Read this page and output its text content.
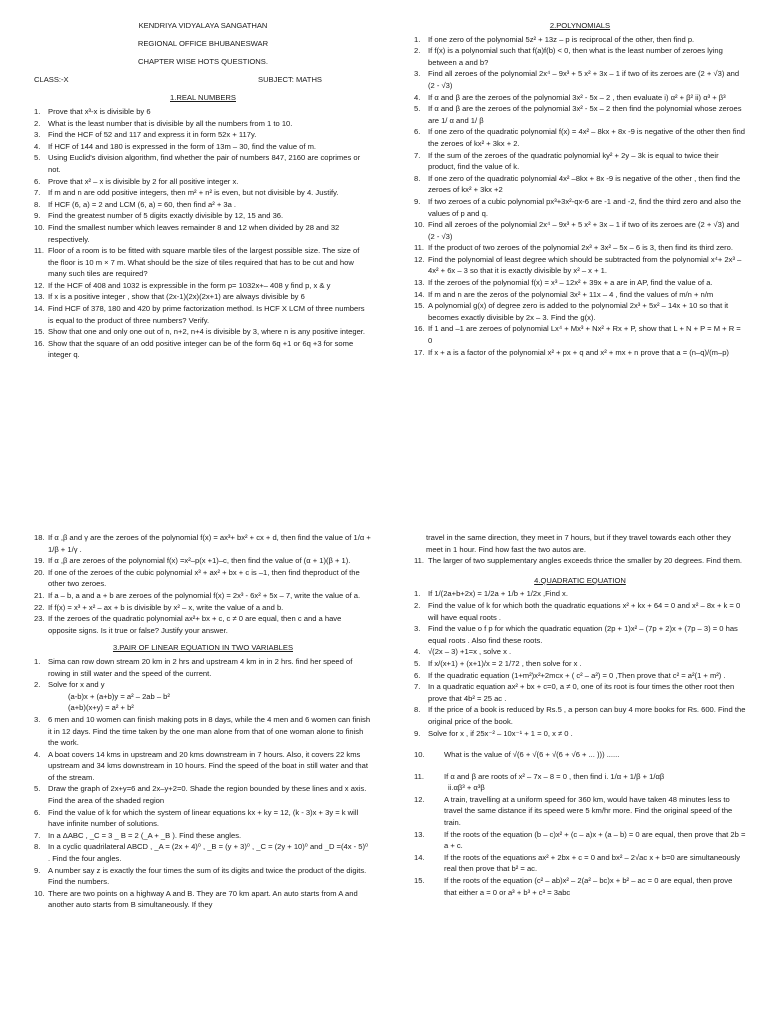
KENDRIYA VIDYALAYA SANGATHAN
REGIONAL OFFICE BHUBANESWAR
CHAPTER WISE HOTS QUESTIONS.
CLASS:-X	SUBJECT: MATHS
1.REAL NUMBERS
1.	Prove that x³-x is divisible by 6
2.	What is the least number that is divisible by all the numbers from 1 to 10.
3.	Find the HCF of 52 and 117 and express it in form 52x + 117y.
4.	If HCF of 144 and 180 is expressed in the form of 13m – 30, find the value of m.
5.	Using Euclid's division algorithm, find whether the pair of numbers 847, 2160 are coprimes or not.
6.	Prove that x² – x is divisible by 2 for all positive integer x.
7.	If m and n are odd positive integers, then m² + n² is even, but not divisible by 4. Justify.
8.	If HCF (6, a) = 2 and LCM (6, a) = 60, then find a² + 3a .
9.	Find the greatest number of 5 digits exactly divisible by 12, 15 and 36.
10. Find the smallest number which leaves remainder 8 and 12 when divided by 28 and 32 respectively.
11. Floor of a room is to be fitted with square marble tiles of the largest possible size. The size of the floor is 10 m × 7 m. What should be the size of tiles required that has to be cut and how many such tiles are required?
12. If the HCF of 408 and 1032 is expressible in the form p= 1032x+– 408 y find p, x & y
13. If x is a positive integer , show that (2x-1)(2x)(2x+1) are always divisible by 6
14. Find HCF of 378, 180 and 420 by prime factorization method. Is HCF X LCM of three numbers is equal to the product of three numbers? Verify.
15. Show that one and only one out of n, n+2, n+4 is divisible by 3, where n is any positive integer.
16. Show that the square of an odd positive integer can be of the form 6q +1 or 6q +3 for some integer q.
2.POLYNOMIALS
1.	If one zero of the polynomial 5z² + 13z – p is reciprocal of the other, then find p.
2.	If f(x) is a polynomial such that f(a)f(b) < 0, then what is the least number of zeroes lying between a and b?
3.	Find all zeroes of the polynomial 2x⁴ – 9x³ + 5 x² + 3x – 1 if two of its zeroes are (2 + √3) and (2 - √3)
4.	If α and β are the zeroes of the polynomial 3x² - 5x – 2 , then evaluate i) α² + β² ii) α³ + β³
5.	If α and β are the zeroes of the polynomial 3x² - 5x – 2 then find the polynomial whose zeroes are 1/ α and 1/ β
6.	If one zero of the quadratic polynomial f(x) = 4x² – 8kx + 8x -9 is negative of the other then find the zeroes of kx² + 3kx + 2.
7.	If the sum of the zeroes of the quadratic polynomial ky² + 2y – 3k is equal to twice their product, find the value of k.
8.	If one zero of the quadratic polynomial 4x² –8kx + 8x -9 is negative of the other , then find the zeroes of kx² + 3kx +2
9.	If two zeroes of a cubic polynomial px³+3x²-qx-6 are -1 and -2, find the third zero and also the values of p and q.
10. Find all zeroes of the polynomial 2x⁴ – 9x³ + 5 x² + 3x – 1 if two of its zeroes are (2 + √3) and (2 - √3)
11. If the product of two zeroes of the polynomial 2x³ + 3x² – 5x – 6 is 3, then find its third zero.
12. Find the polynomial of least degree which should be subtracted from the polynomial x⁴+ 2x³ – 4x² + 6x – 3 so that it is exactly divisible by x² – x + 1.
13. If the zeroes of the polynomial f(x) = x³ – 12x² + 39x + a are in AP, find the value of a.
14. If m and n are the zeros of the polynomial 3x² + 11x – 4 , find the values of m/n + n/m
15. A polynomial g(x) of degree zero is added to the polynomial 2x³ + 5x² – 14x + 10 so that it becomes exactly divisible by 2x – 3. Find the g(x).
16. If 1 and –1 are zeroes of polynomial Lx⁴ + Mx³ + Nx² + Rx + P, show that L + N + P = M + R = 0
17. If x + a is a factor of the polynomial x² + px + q and x² + mx + n prove that a = (n–q)/(m–p)
18. If α ,β and γ are the zeroes of the polynomial f(x) = ax³+ bx² + cx + d, then find the value of 1/α + 1/β + 1/γ .
19. If α ,β are zeroes of the polynomial f(x) =x²–p(x +1)–c, then find the value of (α + 1)(β + 1).
20. If one of the zeroes of the cubic polynomial x³ + ax² + bx + c is –1, then find theproduct of the other two zeroes.
21. If a – b, a and a + b are zeroes of the polynomial f(x) = 2x³ - 6x² + 5x – 7, write the value of a.
22. If f(x) = x³ + x² – ax + b is divisible by x² – x, write the value of a and b.
23. If the zeroes of the quadratic polynomial ax²+ bx + c, c ≠ 0 are equal, then c and a have opposite signs. Is it true or false? Justify your answer.
3.PAIR OF LINEAR EQUATION IN TWO VARIABLES
1.	Sima can row down stream 20 km in 2 hrs and upstream 4 km in in 2 hrs. find her speed of rowing in still water and the speed of the current.
2.	Solve for x and y
(a-b)x + (a+b)y = a² – 2ab – b²
(a+b)(x+y) = a² + b²
3.	6 men and 10 women can finish making pots in 8 days, while the 4 men and 6 women can finish it in 12 days. Find the time taken by the one man alone from that of one woman alone to finish the work.
4.	A boat covers 14 kms in upstream and 20 kms downstream in 7 hours. Also, it covers 22 kms upstream and 34 kms downstream in 10 hours. Find the speed of the boat in still water and that of the stream.
5.	Draw the graph of 2x+y=6 and 2x–y+2=0. Shade the region bounded by these lines and x axis. Find the area of the shaded region
6.	Find the value of k for which the system of linear equations kx + ky = 12, (k - 3)x + 3y = k will have infinite number of solutions.
7.	In a ΔABC , _C = 3 _ B = 2 (_A + _B ). Find these angles.
8.	In a cyclic quadrilateral ABCD , _A = (2x + 4)⁰ , _B = (y + 3)⁰ , _C = (2y + 10)⁰ and _D =(4x - 5)⁰ . Find the four angles.
9.	A number say z is exactly the four times the sum of its digits and twice the product of the digits. Find the numbers.
10. There are two points on a highway A and B. They are 70 km apart. An auto starts from A and another auto starts from B simultaneously. If they
travel in the same direction, they meet in 7 hours, but if they travel towards each other they meet in 1 hour. Find how fast the two autos are.
11. The larger of two supplementary angles exceeds thrice the smaller by 20 degrees. Find them.
4.QUADRATIC EQUATION
1.	If 1/(2a+b+2x) = 1/2a + 1/b + 1/2x ,Find x.
2.	Find the value of k for which both the quadratic equations x² + kx + 64 = 0 and x² – 8x + k = 0 will have equal roots .
3.	Find the value o f p for which the quadratic equation (2p + 1)x² – (7p + 2)x + (7p – 3) = 0 has equal roots . Also find these roots.
4.	√(2x – 3) +1=x , solve x .
5.	If x/(x+1) + (x+1)/x = 2 1/72 , then solve for x .
6.	If the quadratic equation (1+m²)x²+2mcx + ( c² – a²) = 0 ,Then prove that c² = a²(1 + m²) .
7.	In a quadratic equation ax² + bx + c=0, a ≠ 0, one of its root is four times the other root then prove that 4b² = 25 ac .
8.	If the price of a book is reduced by Rs.5 , a person can buy 4 more books for Rs. 600. Find the original price of the book.
9.	Solve for x , if 25x⁻² – 10x⁻¹ + 1 = 0, x ≠ 0 .
10.	What is the value of √(6 + √(6 + √(6 + √6 + ... ))) ......
11.	If α and β are roots of x² – 7x – 8 = 0 , then find i. 1/α + 1/β + 1/αβ
ii.αβ³ + α³β
12.	A train, travelling at a uniform speed for 360 km, would have taken 48 minutes less to travel the same distance if its speed were 5 km/hr more. Find the original speed of the train.
13.	If the roots of the equation (b – c)x² + (c – a)x + (a – b) = 0 are equal, then prove that 2b = a + c.
14.	If the roots of the equations ax² + 2bx + c = 0 and bx² – 2√ac x + b=0 are simultaneously real then prove that b² = ac.
15.	If the roots of the equation (c² – ab)x² – 2(a² – bc)x + b² – ac = 0 are equal, then prove that either a = 0 or a³ + b³ + c³ = 3abc
